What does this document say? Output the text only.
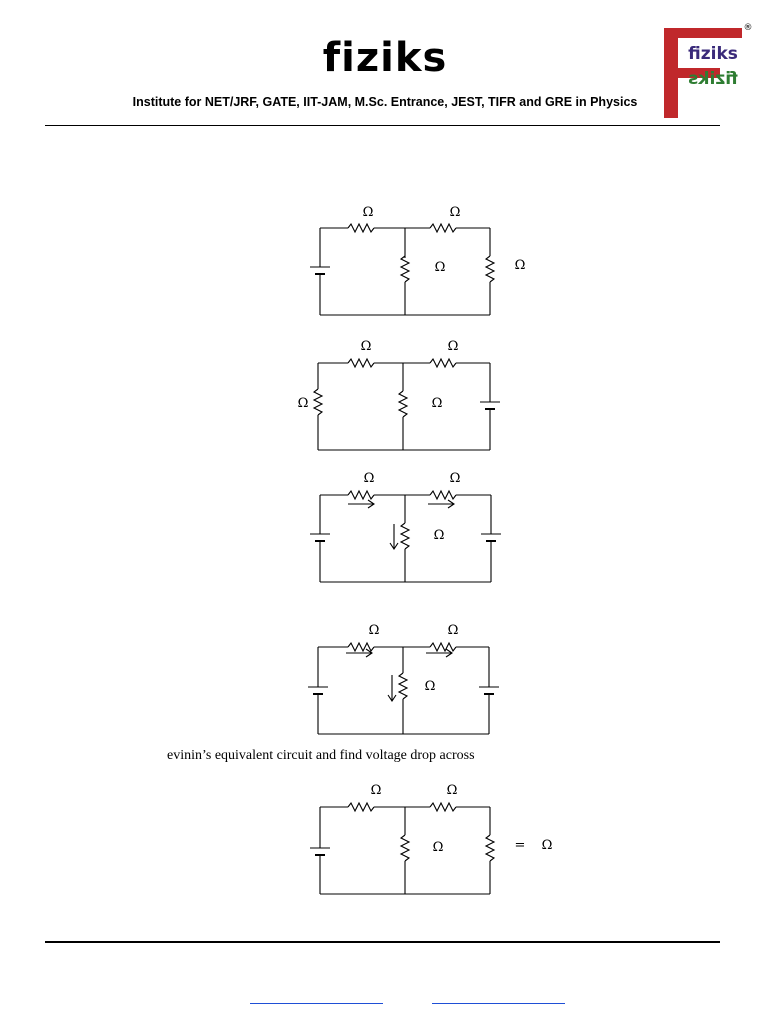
fiziks
Institute for NET/JRF, GATE, IIT-JAM, M.Sc. Entrance, JEST, TIFR and GRE in Physics
fiziks
fiziks
®
Ω	Ω
Ω	Ω
Ω	Ω
Ω
Ω
Ω	Ω
Ω
Ω	Ω
Ω
evinin’s equivalent circuit and find voltage drop across
Ω	Ω
Ω	= Ω
